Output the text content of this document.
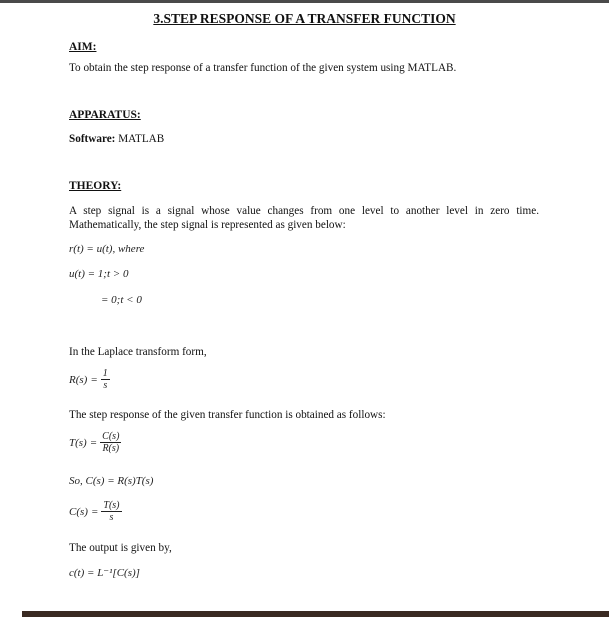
3.STEP RESPONSE OF A TRANSFER FUNCTION
AIM:
To obtain the step response of a transfer function of the given system using MATLAB.
APPARATUS:
Software: MATLAB
THEORY:
A step signal is a signal whose value changes from one level to another level in zero time. Mathematically, the step signal is represented as given below:
r(t) = u(t), where
u(t) = 1;t > 0
= 0;t < 0
In the Laplace transform form,
$R(s) = \frac{1}{s}$
The step response of the given transfer function is obtained as follows:
$T(s) = \frac{C(s)}{R(s)}$
So, C(s) = R(s)T(s)
$C(s) = \frac{T(s)}{s}$
The output is given by,
c(t) = L⁻¹[C(s)]
